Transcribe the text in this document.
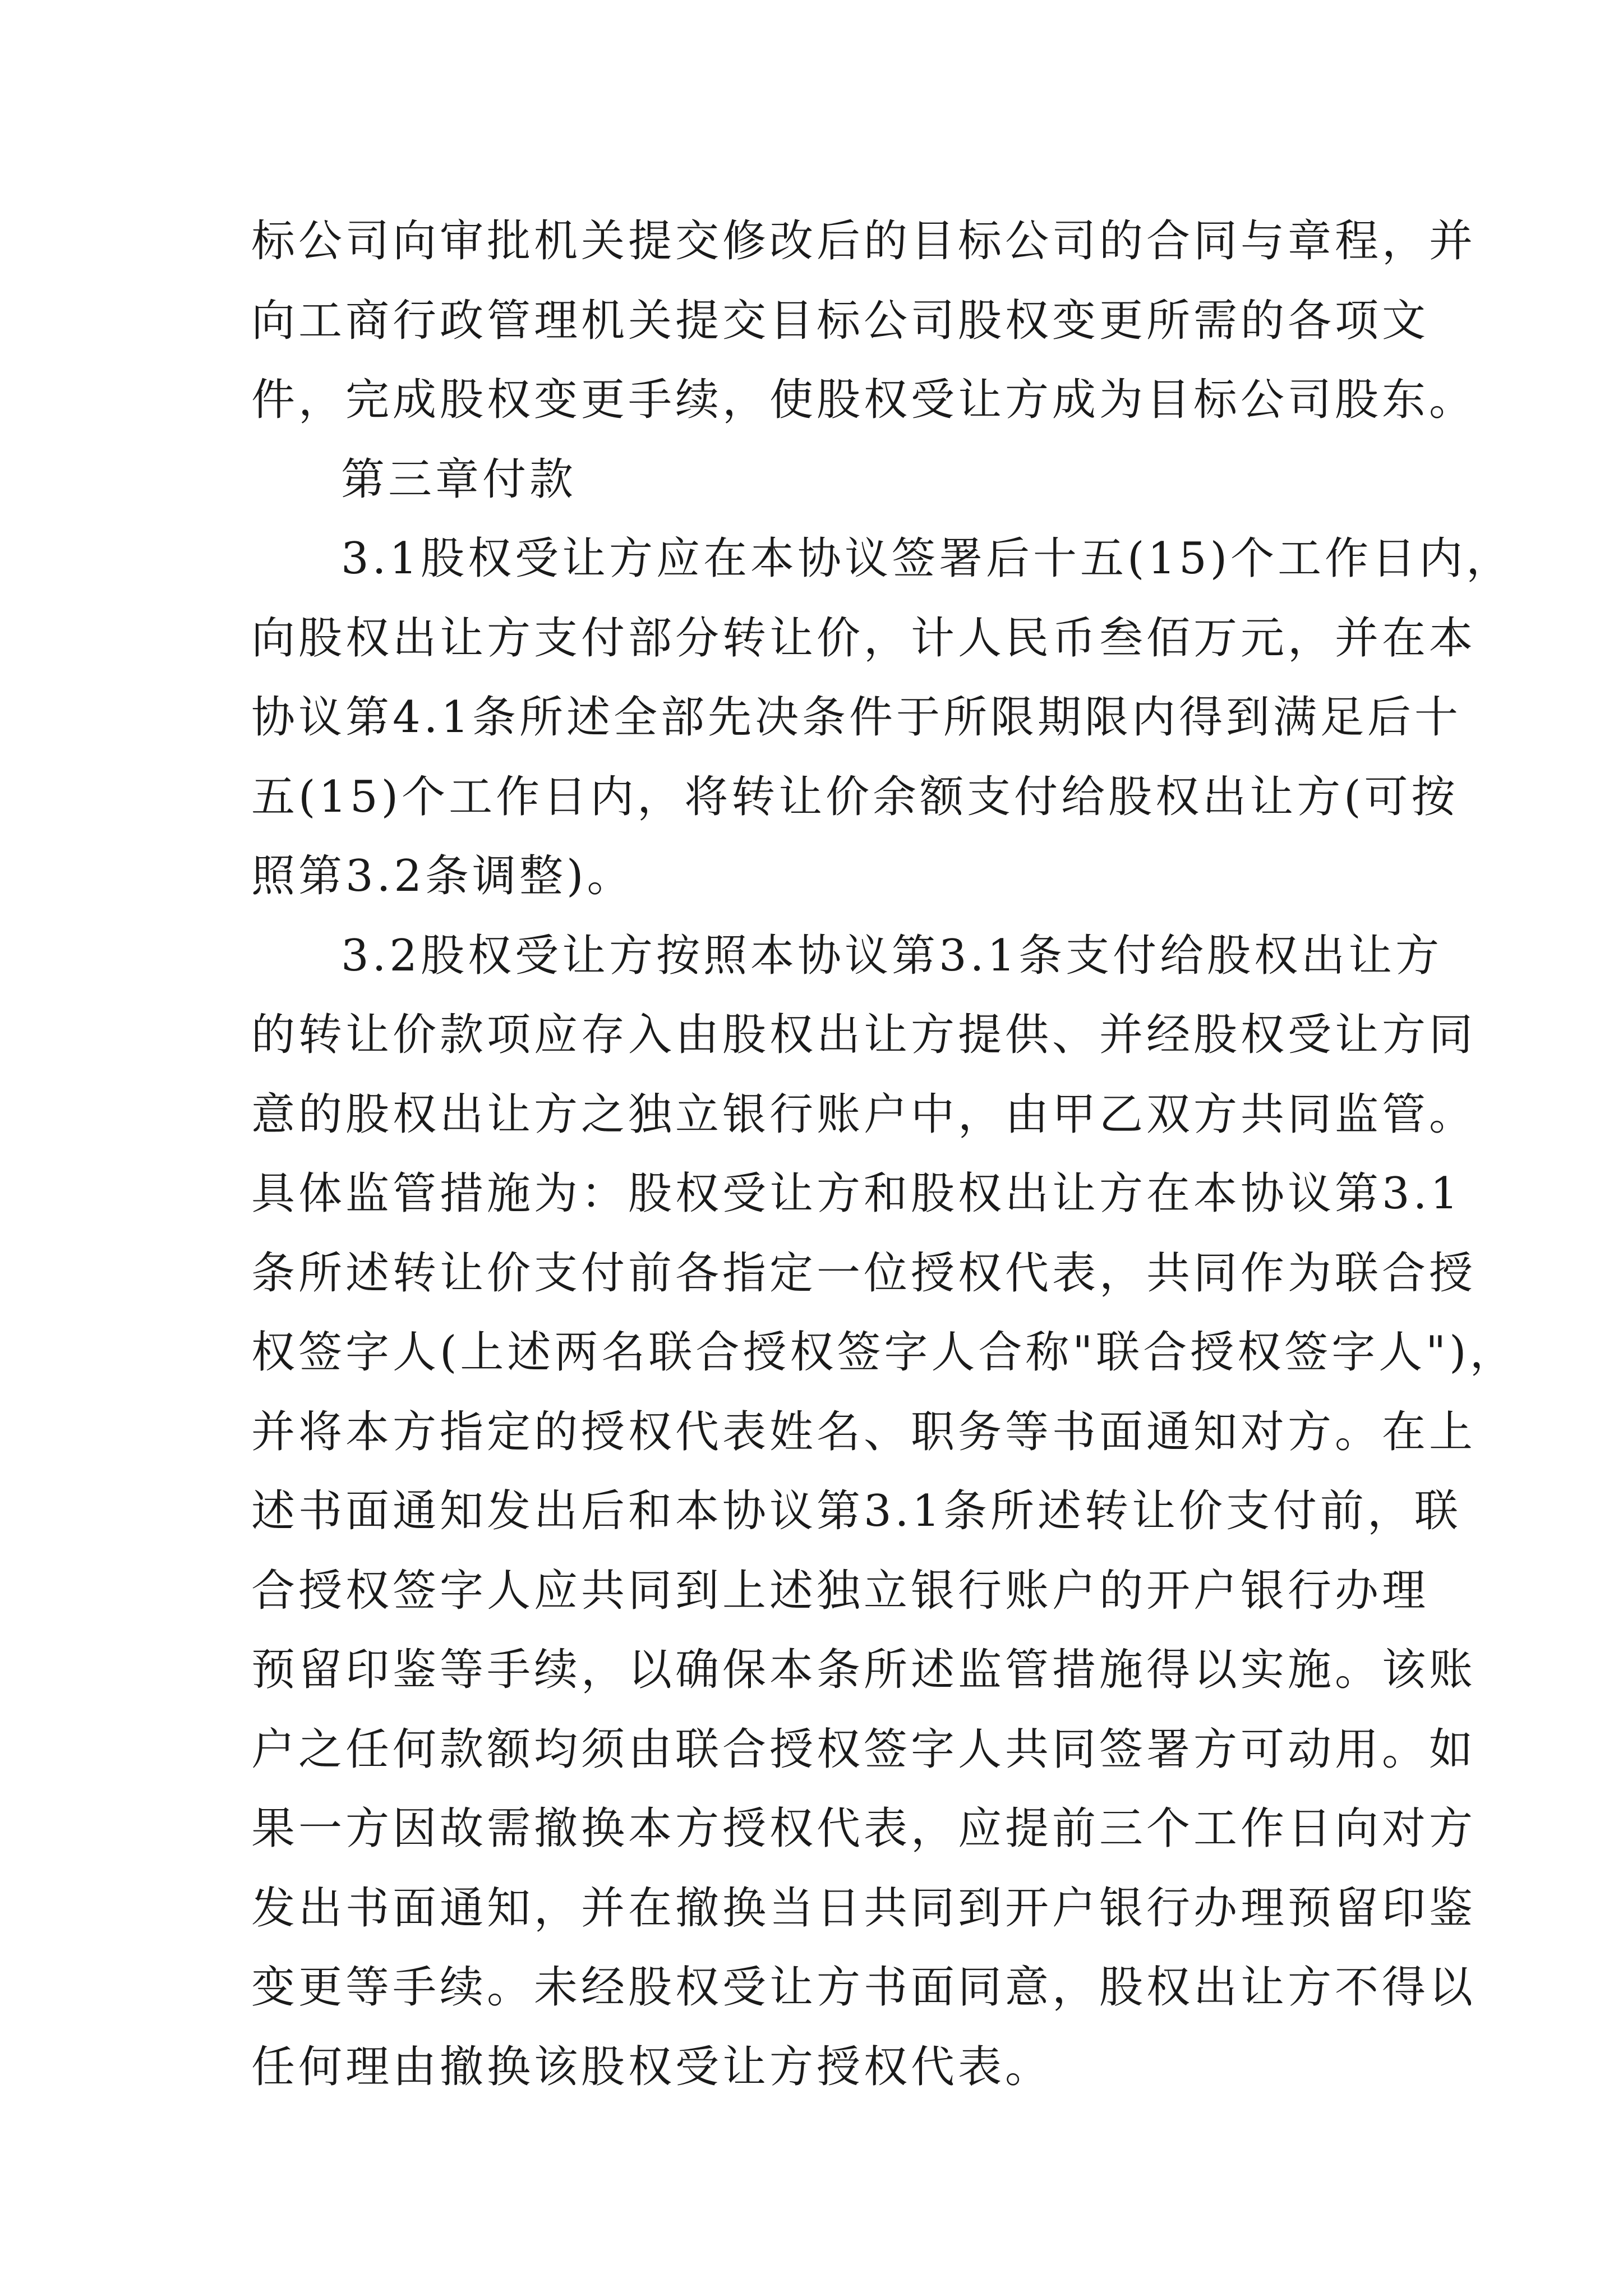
标公司向审批机关提交修改后的目标公司的合同与章程，并
向工商行政管理机关提交目标公司股权变更所需的各项文
件，完成股权变更手续，使股权受让方成为目标公司股东。
第三章付款
3.1股权受让方应在本协议签署后十五(15)个工作日内，
向股权出让方支付部分转让价，计人民币叁佰万元，并在本
协议第4.1条所述全部先决条件于所限期限内得到满足后十
五(15)个工作日内，将转让价余额支付给股权出让方(可按
照第3.2条调整)。
3.2股权受让方按照本协议第3.1条支付给股权出让方
的转让价款项应存入由股权出让方提供、并经股权受让方同
意的股权出让方之独立银行账户中，由甲乙双方共同监管。
具体监管措施为：股权受让方和股权出让方在本协议第3.1
条所述转让价支付前各指定一位授权代表，共同作为联合授
权签字人(上述两名联合授权签字人合称"联合授权签字人")，
并将本方指定的授权代表姓名、职务等书面通知对方。在上
述书面通知发出后和本协议第3.1条所述转让价支付前，联
合授权签字人应共同到上述独立银行账户的开户银行办理
预留印鉴等手续，以确保本条所述监管措施得以实施。该账
户之任何款额均须由联合授权签字人共同签署方可动用。如
果一方因故需撤换本方授权代表，应提前三个工作日向对方
发出书面通知，并在撤换当日共同到开户银行办理预留印鉴
变更等手续。未经股权受让方书面同意，股权出让方不得以
任何理由撤换该股权受让方授权代表。
